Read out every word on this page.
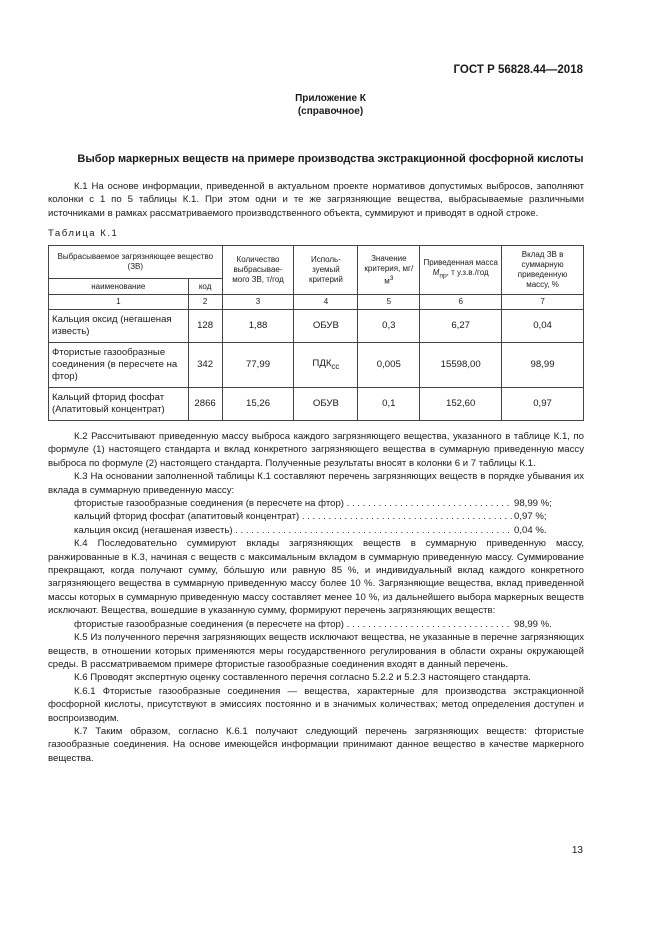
ГОСТ Р 56828.44—2018
Приложение К
(справочное)
Выбор маркерных веществ на примере производства экстракционной фосфорной кислоты

К.1 На основе информации, приведенной в актуальном проекте нормативов допустимых выбросов, заполняют колонки с 1 по 5 таблицы К.1. При этом одни и те же загрязняющие вещества, выбрасываемые различными источниками в рамках рассматриваемого производственного объекта, суммируют и приводят в одной строке.

Таблица К.1
Выбрасываемое загрязняющее вещество (ЗВ)		Количество выбрасывае-мого ЗВ, т/год	Исполь-зуемый критерий	Значение критерия, $мг/м^3$	Приведенная масса $M_{пр}$, т у.з.в./год	Вклад ЗВ в суммарную приведенную массу, %
наименование	код					
1	2	3	4	5	6	7
Кальция оксид (негашеная известь)	128	1,88	ОБУВ	0,3	6,27	0,04
Фтористые газообразные соединения (в пересчете на фтор)	342	77,99	$ПДК_{сс}$	0,005	15598,00	98,99
Кальций фторид фосфат (Апатитовый концентрат)	2866	15,26	ОБУВ	0,1	152,60	0,97

К.2 Рассчитывают приведенную массу выброса каждого загрязняющего вещества, указанного в таблице К.1, по формуле (1) настоящего стандарта и вклад конкретного загрязняющего вещества в суммарную приведенную массу выброса по формуле (2) настоящего стандарта. Полученные результаты вносят в колонки 6 и 7 таблицы К.1.

К.3 На основании заполненной таблицы К.1 составляют перечень загрязняющих веществ в порядке убывания их вклада в суммарную приведенную массу:

фтористые газообразные соединения (в пересчете на фтор) . . .	98,99 %;
кальций фторид фосфат (апатитовый концентрат) . . .	0,97 %;
кальция оксид (негашеная известь) . . .	0,04 %.

К.4 Последовательно суммируют вклады загрязняющих веществ в суммарную приведенную массу, ранжированные в К.3, начиная с веществ с максимальным вкладом в суммарную приведенную массу. Суммирование прекращают, когда получают сумму, бо́льшую или равную 85 %, и индивидуальный вклад каждого конкретного загрязняющего вещества в суммарную приведенную массу более 10 %. Загрязняющие вещества, вклад приведенной массы которых в суммарную приведенную массу составляет менее 10 %, из дальнейшего выбора маркерных веществ исключают. Вещества, вошедшие в указанную сумму, формируют перечень загрязняющих веществ:

фтористые газообразные соединения (в пересчете на фтор) . . .	98,99 %.

К.5 Из полученного перечня загрязняющих веществ исключают вещества, не указанные в перечне загрязняющих веществ, в отношении которых применяются меры государственного регулирования в области охраны окружающей среды. В рассматриваемом примере фтористые газообразные соединения входят в данный перечень.

К.6 Проводят экспертную оценку составленного перечня согласно 5.2.2 и 5.2.3 настоящего стандарта.

К.6.1 Фтористые газообразные соединения — вещества, характерные для производства экстракционной фосфорной кислоты, присутствуют в эмиссиях постоянно и в значимых количествах; метод определения доступен и воспроизводим.

К.7 Таким образом, согласно К.6.1 получают следующий перечень загрязняющих веществ: фтористые газообразные соединения. На основе имеющейся информации принимают данное вещество в качестве маркерного вещества.

13
